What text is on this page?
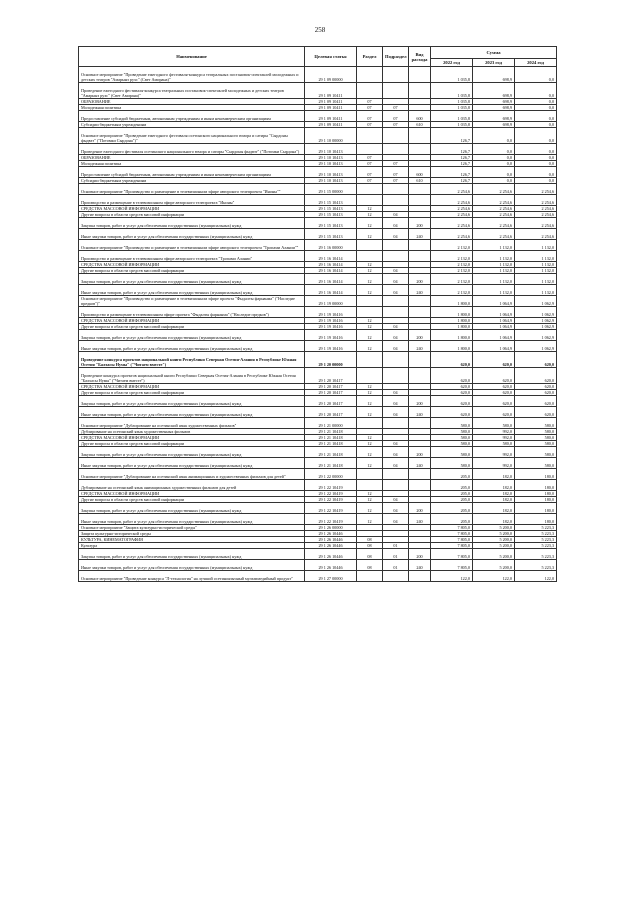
258
Наименование	Целевая статья	Раздел	Подраздел	Вид расхода	Сумма		
					2022 год	2023 год	2024 год
Основное мероприятие "Проведение ежегодного фестиваля-конкурса театральных постановок-спектаклей молодежных и детских театров "Амарынэ рухс" (Свет Амирана)"	29 1 09 00000				1 035,8	698,9	0,0
Проведение ежегодного фестиваля-конкурса театральных постановок-спектаклей молодежных и детских театров "Амарынэ рухс" (Свет Амирана)"	29 1 09 10411				1 035,8	698,9	0,0
ОБРАЗОВАНИЕ	29 1 09 10411	07			1 035,8	698,9	0,0
Молодежная политика	29 1 09 10411	07	07		1 035,8	698,9	0,0
Предоставление субсидий бюджетным, автономным учреждениям и иным некоммерческим организациям	29 1 09 10411	07	07	600	1 035,8	698,9	0,0
Субсидии бюджетным учреждениям	29 1 09 10411	07	07	610	1 035,8	698,9	0,0
Основное мероприятие "Проведение ежегодного фестиваля осетинского национального юмора и сатиры "Сырдоны фыдвзт" ("Потомки Сырдона")"	29 1 10 00000				126,7	0,0	0,0
Проведение ежегодного фестиваля осетинского национального юмора и сатиры "Сырдоны фыдвзт" ("Потомки Сырдона")	29 1 10 10413				126,7	0,0	0,0
ОБРАЗОВАНИЕ	29 1 10 10413	07			126,7	0,0	0,0
Молодежная политика	29 1 10 10413	07	07		126,7	0,0	0,0
Предоставление субсидий бюджетным, автономным учреждениям и иным некоммерческим организациям	29 1 10 10413	07	07	600	126,7	0,0	0,0
Субсидии бюджетным учреждениям	29 1 10 10413	07	07	610	126,7	0,0	0,0
Основное мероприятие "Производство и размещение в телевизионном эфире авторского телепроекта "Иноны""	29 1 15 00000				2 254,6	2 254,6	2 254,6
Производство и размещение в телевизионном эфире авторского телепроекта "Иноны"	29 1 15 10413				2 254,6	2 254,6	2 254,6
СРЕДСТВА МАССОВОЙ ИНФОРМАЦИИ	29 1 15 10413	12			2 254,6	2 254,6	2 254,6
Другие вопросы в области средств массовой информации	29 1 15 10413	12	04		2 254,6	2 254,6	2 254,6
Закупка товаров, работ и услуг для обеспечения государственных (муниципальных) нужд	29 1 15 10413	12	04	200	2 254,6	2 254,6	2 254,6
Иные закупки товаров, работ и услуг для обеспечения государственных (муниципальных) нужд	29 1 15 10413	12	04	240	2 254,6	2 254,6	2 254,6
Основное мероприятие "Производство и размещение в телевизионном эфире авторского телепроекта "Тропами Алании""	29 1 16 00000				2 132,0	1 132,0	1 132,0
Производство и размещение в телевизионном эфире авторского телепроекта "Тропами Алании"	29 1 16 10414				2 132,0	1 132,0	1 132,0
СРЕДСТВА МАССОВОЙ ИНФОРМАЦИИ	29 1 16 10414	12			2 132,0	1 132,0	1 132,0
Другие вопросы в области средств массовой информации	29 1 16 10414	12	04		2 132,0	1 132,0	1 132,0
Закупка товаров, работ и услуг для обеспечения государственных (муниципальных) нужд	29 1 16 10414	12	04	200	2 132,0	1 132,0	1 132,0
Иные закупки товаров, работ и услуг для обеспечения государственных (муниципальных) нужд	29 1 16 10414	12	04	240	2 132,0	1 132,0	1 132,0
Основное мероприятие "Производство и размещение в телевизионном эфире проекта "Фыдалты фарнанма" ("Наследие предков")"	29 1 19 00000				1 800,0	1 064,9	1 062,9
Производство и размещение в телевизионном эфире проекта "Фыдалты фарнанма" ("Наследие предков")	29 1 19 10416				1 800,0	1 064,9	1 062,9
СРЕДСТВА МАССОВОЙ ИНФОРМАЦИИ	29 1 19 10416	12			1 800,0	1 064,9	1 062,9
Другие вопросы в области средств массовой информации	29 1 19 10416	12	04		1 800,0	1 064,9	1 062,9
Закупка товаров, работ и услуг для обеспечения государственных (муниципальных) нужд	29 1 19 10416	12	04	200	1 800,0	1 064,9	1 062,9
Иные закупки товаров, работ и услуг для обеспечения государственных (муниципальных) нужд	29 1 19 10416	12	04	240	1 800,0	1 064,9	1 062,9
Проведение конкурса проектов национальной книги Республики Северная Осетия-Алания в Республике Южная Осетия "Балхасы Нумы" ("Читаем вместе")	29 1 20 00000				620,0	620,0	620,0
Проведение конкурса проектов национальной книги Республики Северная Осетия-Алания в Республике Южная Осетия "Балхасы Нумы" ("Читаем вместе")	29 1 20 10417				620,0	620,0	620,0
СРЕДСТВА МАССОВОЙ ИНФОРМАЦИИ	29 1 20 10417	12			620,0	620,0	620,0
Другие вопросы в области средств массовой информации	29 1 20 10417	12	04		620,0	620,0	620,0
Закупка товаров, работ и услуг для обеспечения государственных (муниципальных) нужд	29 1 20 10417	12	04	200	620,0	620,0	620,0
Иные закупки товаров, работ и услуг для обеспечения государственных (муниципальных) нужд	29 1 20 10417	12	04	240	620,0	620,0	620,0
Основное мероприятие "Дублирование на осетинский язык художественных фильмов"	29 1 21 00000				580,0	580,0	580,0
Дублирование на осетинский язык художественных фильмов	29 1 21 10418				580,0	992,0	580,0
СРЕДСТВА МАССОВОЙ ИНФОРМАЦИИ	29 1 21 10418	12			580,0	992,0	580,0
Другие вопросы в области средств массовой информации	29 1 21 10418	12	04		580,0	580,0	580,0
Закупка товаров, работ и услуг для обеспечения государственных (муниципальных) нужд	29 1 21 10418	12	04	200	580,0	992,0	580,0
Иные закупки товаров, работ и услуг для обеспечения государственных (муниципальных) нужд	29 1 21 10418	12	04	240	580,0	992,0	580,0
Основное мероприятие "Дублирование на осетинский язык анимационных и художественных фильмов для детей"	29 1 22 00000				205,0	182,0	180,0
Дублирование на осетинский язык анимационных художественных фильмов для детей	29 1 22 10419				205,0	182,0	180,0
СРЕДСТВА МАССОВОЙ ИНФОРМАЦИИ	29 1 22 10419	12			205,0	182,0	180,0
Другие вопросы в области средств массовой информации	29 1 22 10419	12	04		205,0	182,0	180,0
Закупка товаров, работ и услуг для обеспечения государственных (муниципальных) нужд	29 1 22 10419	12	04	200	205,0	182,0	180,0
Иные закупки товаров, работ и услуг для обеспечения государственных (муниципальных) нужд	29 1 22 10419	12	04	240	205,0	182,0	180,0
Основное мероприятие "Защита культурно-исторической среды"	29 1 26 00000				7 805,0	5 200,0	5 223,3
Защита культурно-исторической среды	29 1 26 10446				7 805,0	5 200,0	5 223,3
КУЛЬТУРА, КИНЕМАТОГРАФИЯ	29 1 26 10446	08			7 805,0	5 200,0	5 223,3
Культура	29 1 26 10446	08	01		7 805,0	5 200,0	5 223,3
Закупка товаров, работ и услуг для обеспечения государственных (муниципальных) нужд	29 1 26 10446	08	01	200	7 805,0	5 200,0	5 223,3
Иные закупки товаров, работ и услуг для обеспечения государственных (муниципальных) нужд	29 1 26 10446	08	01	240	7 805,0	5 200,0	5 223,3
Основное мероприятие "Проведение конкурса "Л-технология" на лучший осетиноязычный мультимедийный продукт"	29 1 27 00000				122,0	122,0	122,0
